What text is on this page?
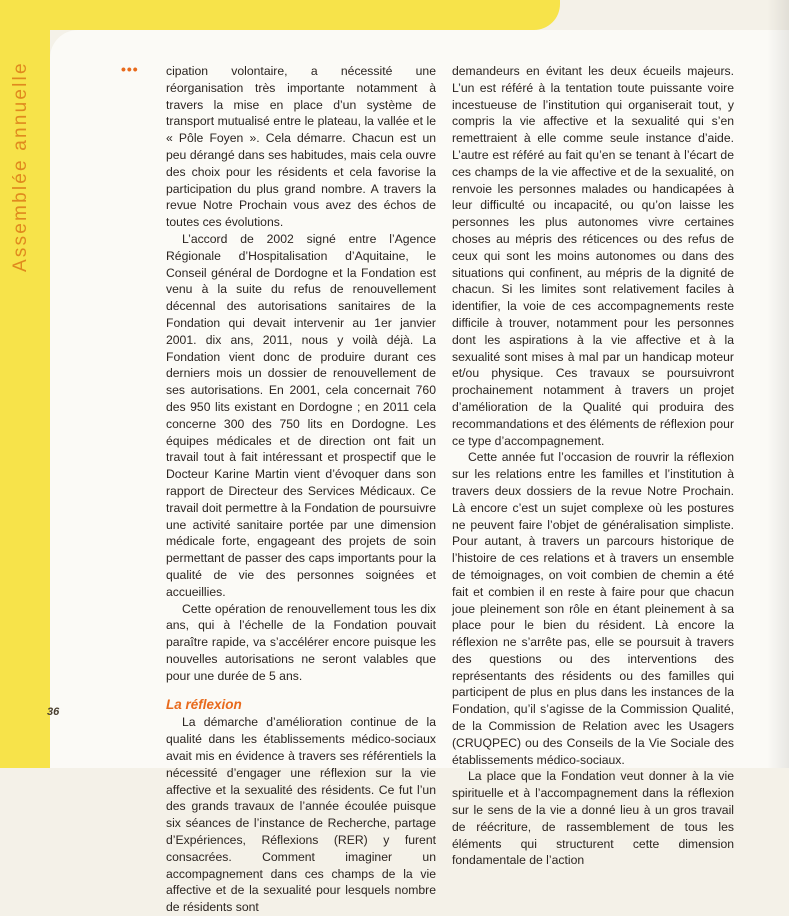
Assemblée annuelle	••• cipation volontaire, a nécessité une réorganisation très importante notamment à travers la mise en place d’un système de transport mutualisé entre le plateau, la vallée et le « Pôle Foyen ». Cela démarre. Chacun est un peu dérangé dans ses habitudes, mais cela ouvre des choix pour les résidents et cela favorise la participation du plus grand nombre. A travers la revue Notre Prochain vous avez des échos de toutes ces évolutions.

L’accord de 2002 signé entre l’Agence Régionale d’Hospitalisation d’Aquitaine, le Conseil général de Dordogne et la Fondation est venu à la suite du refus de renouvellement décennal des autorisations sanitaires de la Fondation qui devait intervenir au 1er janvier 2001. dix ans, 2011, nous y voilà déjà. La Fondation vient donc de produire durant ces derniers mois un dossier de renouvellement de ses autorisations. En 2001, cela concernait 760 des 950 lits existant en Dordogne ; en 2011 cela concerne 300 des 750 lits en Dordogne. Les équipes médicales et de direction ont fait un travail tout à fait intéressant et prospectif que le Docteur Karine Martin vient d’évoquer dans son rapport de Directeur des Services Médicaux. Ce travail doit permettre à la Fondation de poursuivre une activité sanitaire portée par une dimension médicale forte, engageant des projets de soin permettant de passer des caps importants pour la qualité de vie des personnes soignées et accueillies.

Cette opération de renouvellement tous les dix ans, qui à l’échelle de la Fondation pouvait paraître rapide, va s’accélérer encore puisque les nouvelles autorisations ne seront valables que pour une durée de 5 ans.

La réflexion

La démarche d’amélioration continue de la qualité dans les établissements médico-sociaux avait mis en évidence à travers ses référentiels la nécessité d’engager une réflexion sur la vie affective et la sexualité des résidents. Ce fut l’un des grands travaux de l’année écoulée puisque six séances de l’instance de Recherche, partage d’Expériences, Réflexions (RER) y furent consacrées. Comment imaginer un accompagnement dans ces champs de la vie affective et de la sexualité pour lesquels nombre de résidents sont

demandeurs en évitant les deux écueils majeurs. L’un est référé à la tentation toute puissante voire incestueuse de l’institution qui organiserait tout, y compris la vie affective et la sexualité qui s’en remettraient à elle comme seule instance d’aide. L’autre est référé au fait qu’en se tenant à l’écart de ces champs de la vie affective et de la sexualité, on renvoie les personnes malades ou handicapées à leur difficulté ou incapacité, ou qu’on laisse les personnes les plus autonomes vivre certaines choses au mépris des réticences ou des refus de ceux qui sont les moins autonomes ou dans des situations qui confinent, au mépris de la dignité de chacun. Si les limites sont relativement faciles à identifier, la voie de ces accompagnements reste difficile à trouver, notamment pour les personnes dont les aspirations à la vie affective et à la sexualité sont mises à mal par un handicap moteur et/ou physique. Ces travaux se poursuivront prochainement notamment à travers un projet d’amélioration de la Qualité qui produira des recommandations et des éléments de réflexion pour ce type d’accompagnement.

Cette année fut l’occasion de rouvrir la réflexion sur les relations entre les familles et l’institution à travers deux dossiers de la revue Notre Prochain. Là encore c’est un sujet complexe où les postures ne peuvent faire l’objet de généralisation simpliste. Pour autant, à travers un parcours historique de l’histoire de ces relations et à travers un ensemble de témoignages, on voit combien de chemin a été fait et combien il en reste à faire pour que chacun joue pleinement son rôle en étant pleinement à sa place pour le bien du résident. Là encore la réflexion ne s’arrête pas, elle se poursuit à travers des questions ou des interventions des représentants des résidents ou des familles qui participent de plus en plus dans les instances de la Fondation, qu’il s’agisse de la Commission Qualité, de la Commission de Relation avec les Usagers (CRUQPEC) ou des Conseils de la Vie Sociale des établissements médico-sociaux.

La place que la Fondation veut donner à la vie spirituelle et à l’accompagnement dans la réflexion sur le sens de la vie a donné lieu à un gros travail de réécriture, de rassemblement de tous les éléments qui structurent cette dimension fondamentale de l’action

36
